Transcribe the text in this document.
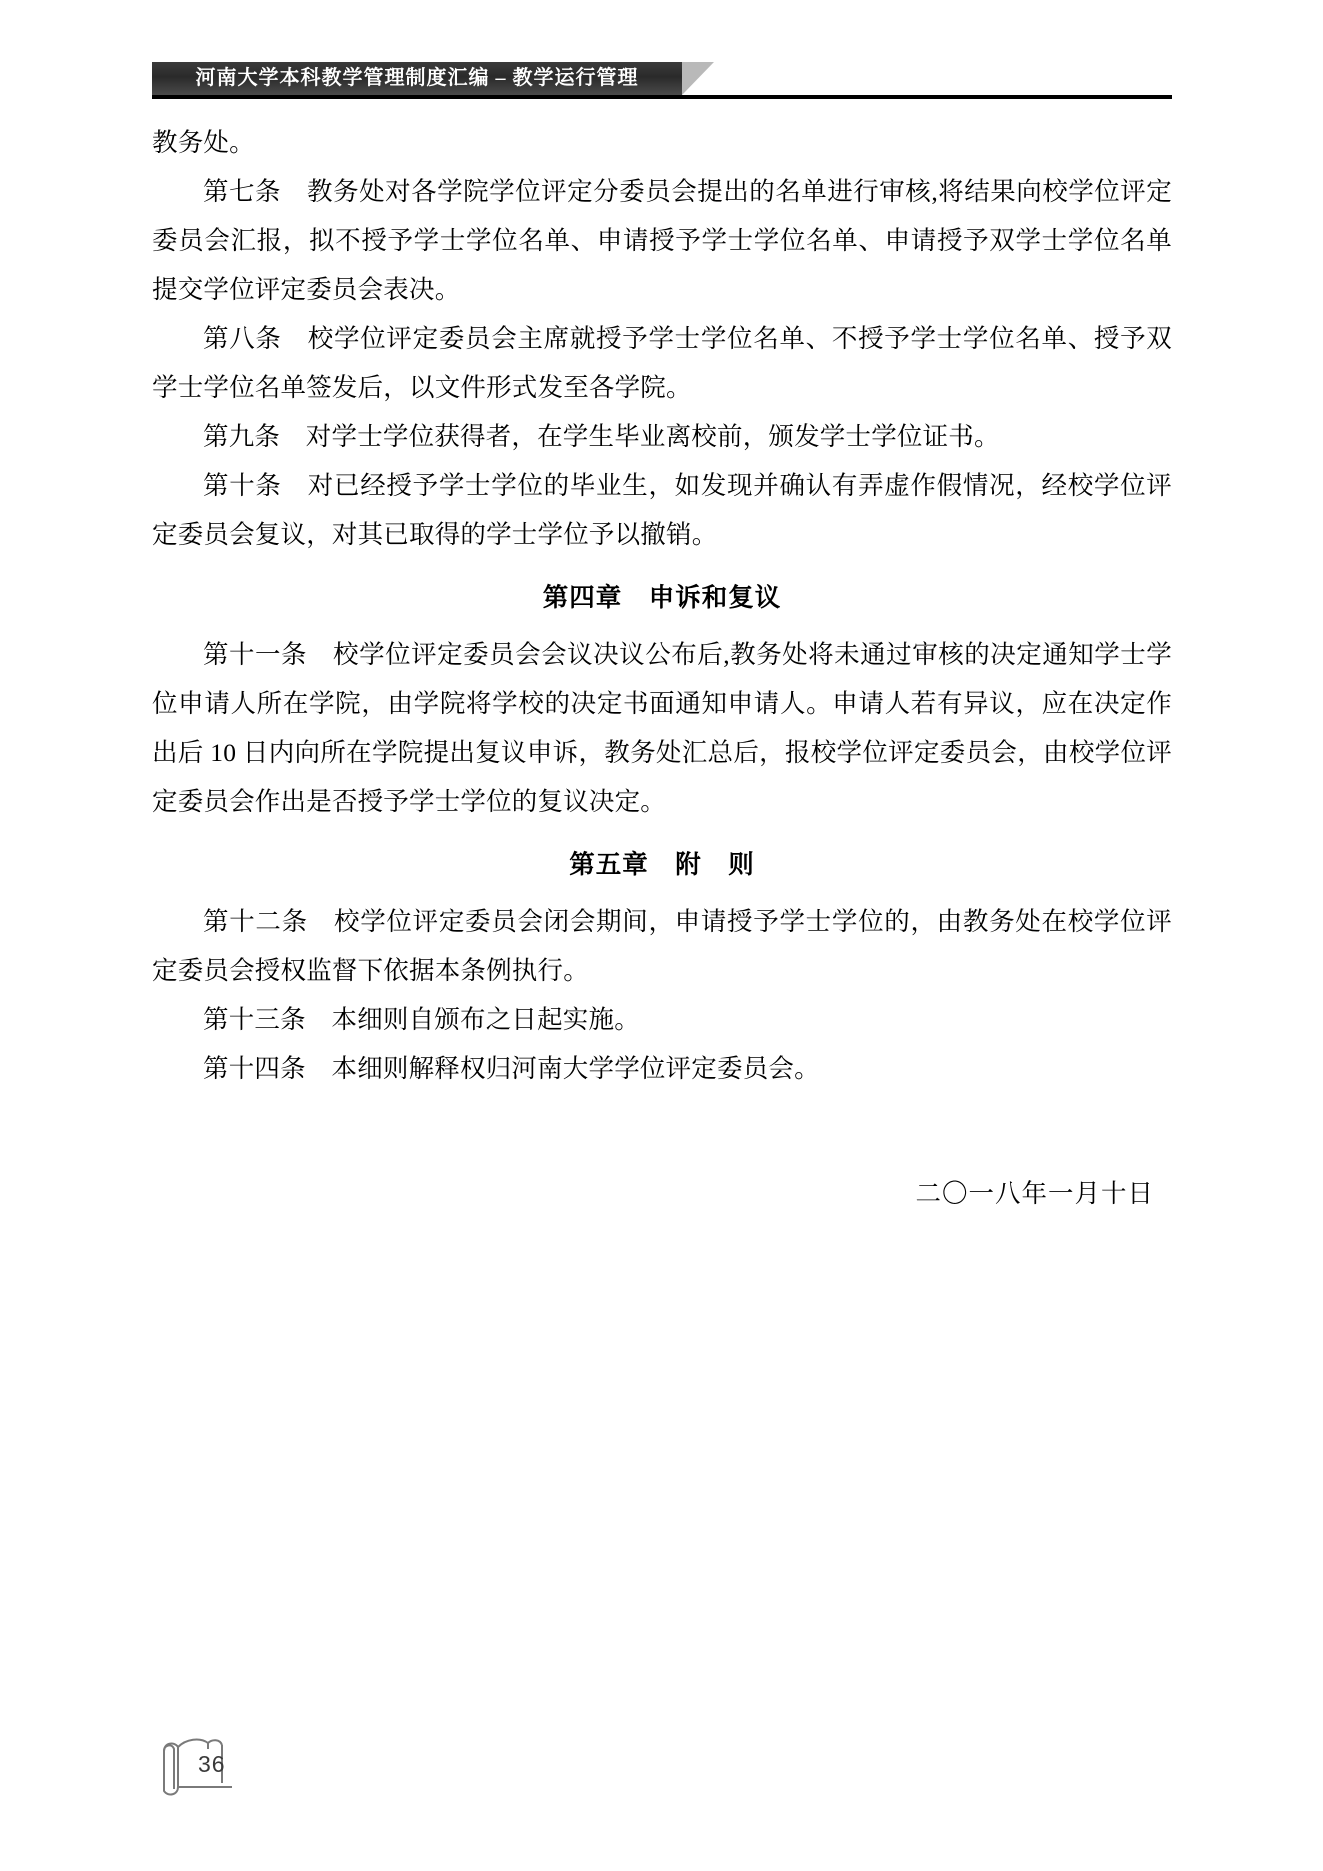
河南大学本科教学管理制度汇编 – 教学运行管理

教务处。

第七条　教务处对各学院学位评定分委员会提出的名单进行审核,将结果向校学位评定委员会汇报，拟不授予学士学位名单、申请授予学士学位名单、申请授予双学士学位名单提交学位评定委员会表决。

第八条　校学位评定委员会主席就授予学士学位名单、不授予学士学位名单、授予双学士学位名单签发后，以文件形式发至各学院。

第九条　对学士学位获得者，在学生毕业离校前，颁发学士学位证书。

第十条　对已经授予学士学位的毕业生，如发现并确认有弄虚作假情况，经校学位评定委员会复议，对其已取得的学士学位予以撤销。

第四章　申诉和复议

第十一条　校学位评定委员会会议决议公布后,教务处将未通过审核的决定通知学士学位申请人所在学院，由学院将学校的决定书面通知申请人。申请人若有异议，应在决定作出后 10 日内向所在学院提出复议申诉，教务处汇总后，报校学位评定委员会，由校学位评定委员会作出是否授予学士学位的复议决定。

第五章　附　则

第十二条　校学位评定委员会闭会期间，申请授予学士学位的，由教务处在校学位评定委员会授权监督下依据本条例执行。

第十三条　本细则自颁布之日起实施。

第十四条　本细则解释权归河南大学学位评定委员会。

二〇一八年一月十日
36
